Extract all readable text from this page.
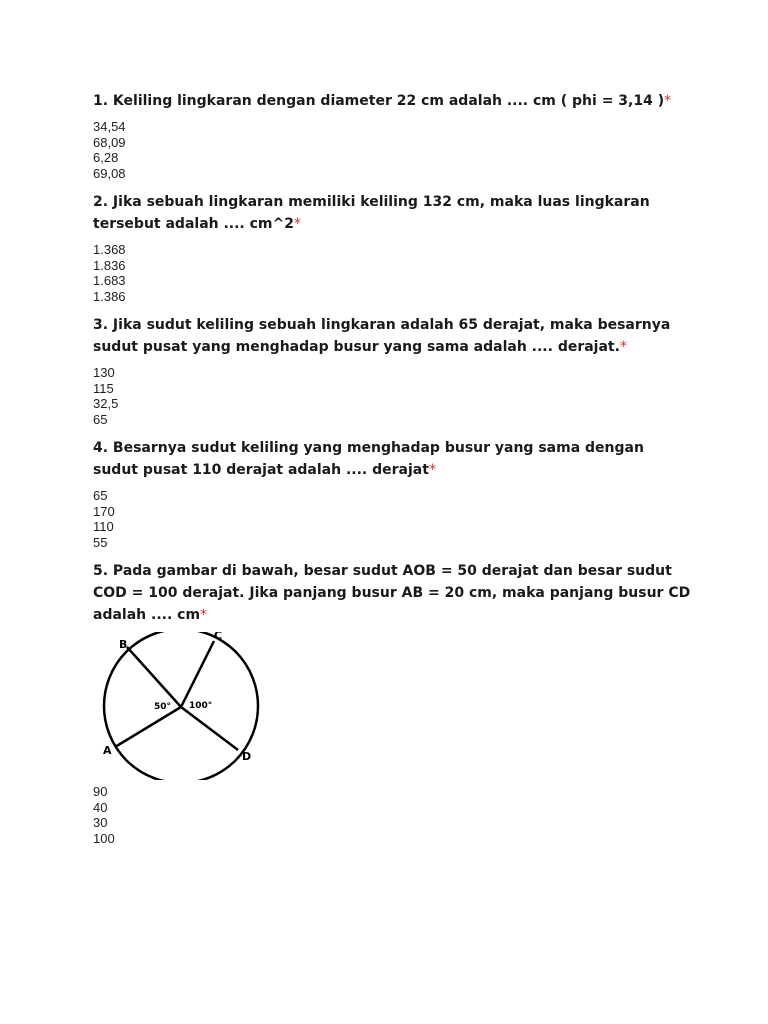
1. Keliling lingkaran dengan diameter 22 cm adalah .... cm ( phi = 3,14 )*

34,54
68,09
6,28
69,08

2. Jika sebuah lingkaran memiliki keliling 132 cm, maka luas lingkaran tersebut adalah .... cm^2*

1.368
1.836
1.683
1.386

3. Jika sudut keliling sebuah lingkaran adalah 65 derajat, maka besarnya sudut pusat yang menghadap busur yang sama adalah .... derajat.*

130
115
32,5
65

4. Besarnya sudut keliling yang menghadap busur yang sama dengan sudut pusat 110 derajat adalah .... derajat*

65
170
110
55

5. Pada gambar di bawah, besar sudut AOB = 50 derajat dan besar sudut COD = 100 derajat. Jika panjang busur AB = 20 cm, maka panjang busur CD adalah .... cm*

B
C
A	D
50° 100°
90
40
30
100
